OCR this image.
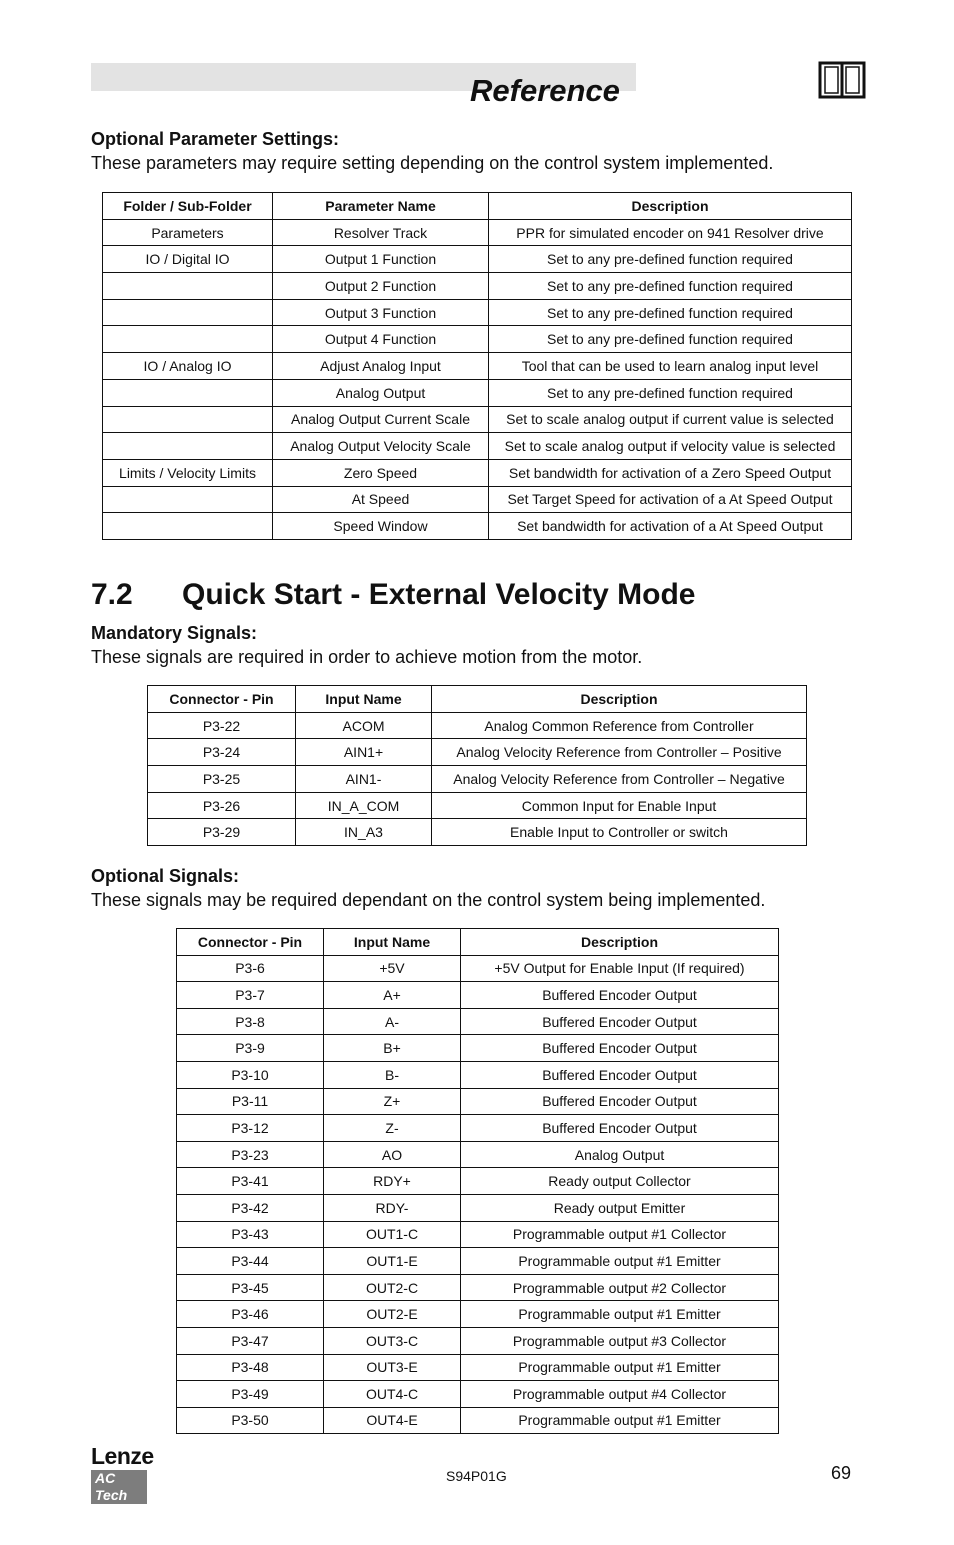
Reference
Optional Parameter Settings:
These parameters may require setting depending on the control system implemented.
Folder / Sub-Folder	Parameter Name	Description
Parameters	Resolver Track	PPR for simulated encoder on 941 Resolver drive
IO / Digital IO	Output 1 Function	Set to any pre-defined function required
	Output 2 Function	Set to any pre-defined function required
	Output 3 Function	Set to any pre-defined function required
	Output 4 Function	Set to any pre-defined function required
IO / Analog IO	Adjust Analog Input	Tool that can be used to learn analog input level
	Analog Output	Set to any pre-defined function required
	Analog Output Current Scale	Set to scale analog output if current value is selected
	Analog Output Velocity Scale	Set to scale analog output if velocity value is selected
Limits / Velocity Limits	Zero Speed	Set bandwidth for activation of a Zero Speed Output
	At Speed	Set Target Speed for activation of a At Speed Output
	Speed Window	Set bandwidth for activation of a At Speed Output
7.2 Quick Start - External Velocity Mode
Mandatory Signals:
These signals are required in order to achieve motion from the motor.
Connector - Pin	Input Name	Description
P3-22	ACOM	Analog Common Reference from Controller
P3-24	AIN1+	Analog Velocity Reference from Controller – Positive
P3-25	AIN1-	Analog Velocity Reference from Controller – Negative
P3-26	IN_A_COM	Common Input for Enable Input
P3-29	IN_A3	Enable Input to Controller or switch
Optional Signals:
These signals may be required dependant on the control system being implemented.
Connector - Pin	Input Name	Description
P3-6	+5V	+5V Output for Enable Input (If required)
P3-7	A+	Buffered Encoder Output
P3-8	A-	Buffered Encoder Output
P3-9	B+	Buffered Encoder Output
P3-10	B-	Buffered Encoder Output
P3-11	Z+	Buffered Encoder Output
P3-12	Z-	Buffered Encoder Output
P3-23	AO	Analog Output
P3-41	RDY+	Ready output Collector
P3-42	RDY-	Ready output Emitter
P3-43	OUT1-C	Programmable output #1 Collector
P3-44	OUT1-E	Programmable output #1 Emitter
P3-45	OUT2-C	Programmable output #2 Collector
P3-46	OUT2-E	Programmable output #1 Emitter
P3-47	OUT3-C	Programmable output #3 Collector
P3-48	OUT3-E	Programmable output #1 Emitter
P3-49	OUT4-C	Programmable output #4 Collector
P3-50	OUT4-E	Programmable output #1 Emitter
Lenze
AC Tech
S94P01G	69
